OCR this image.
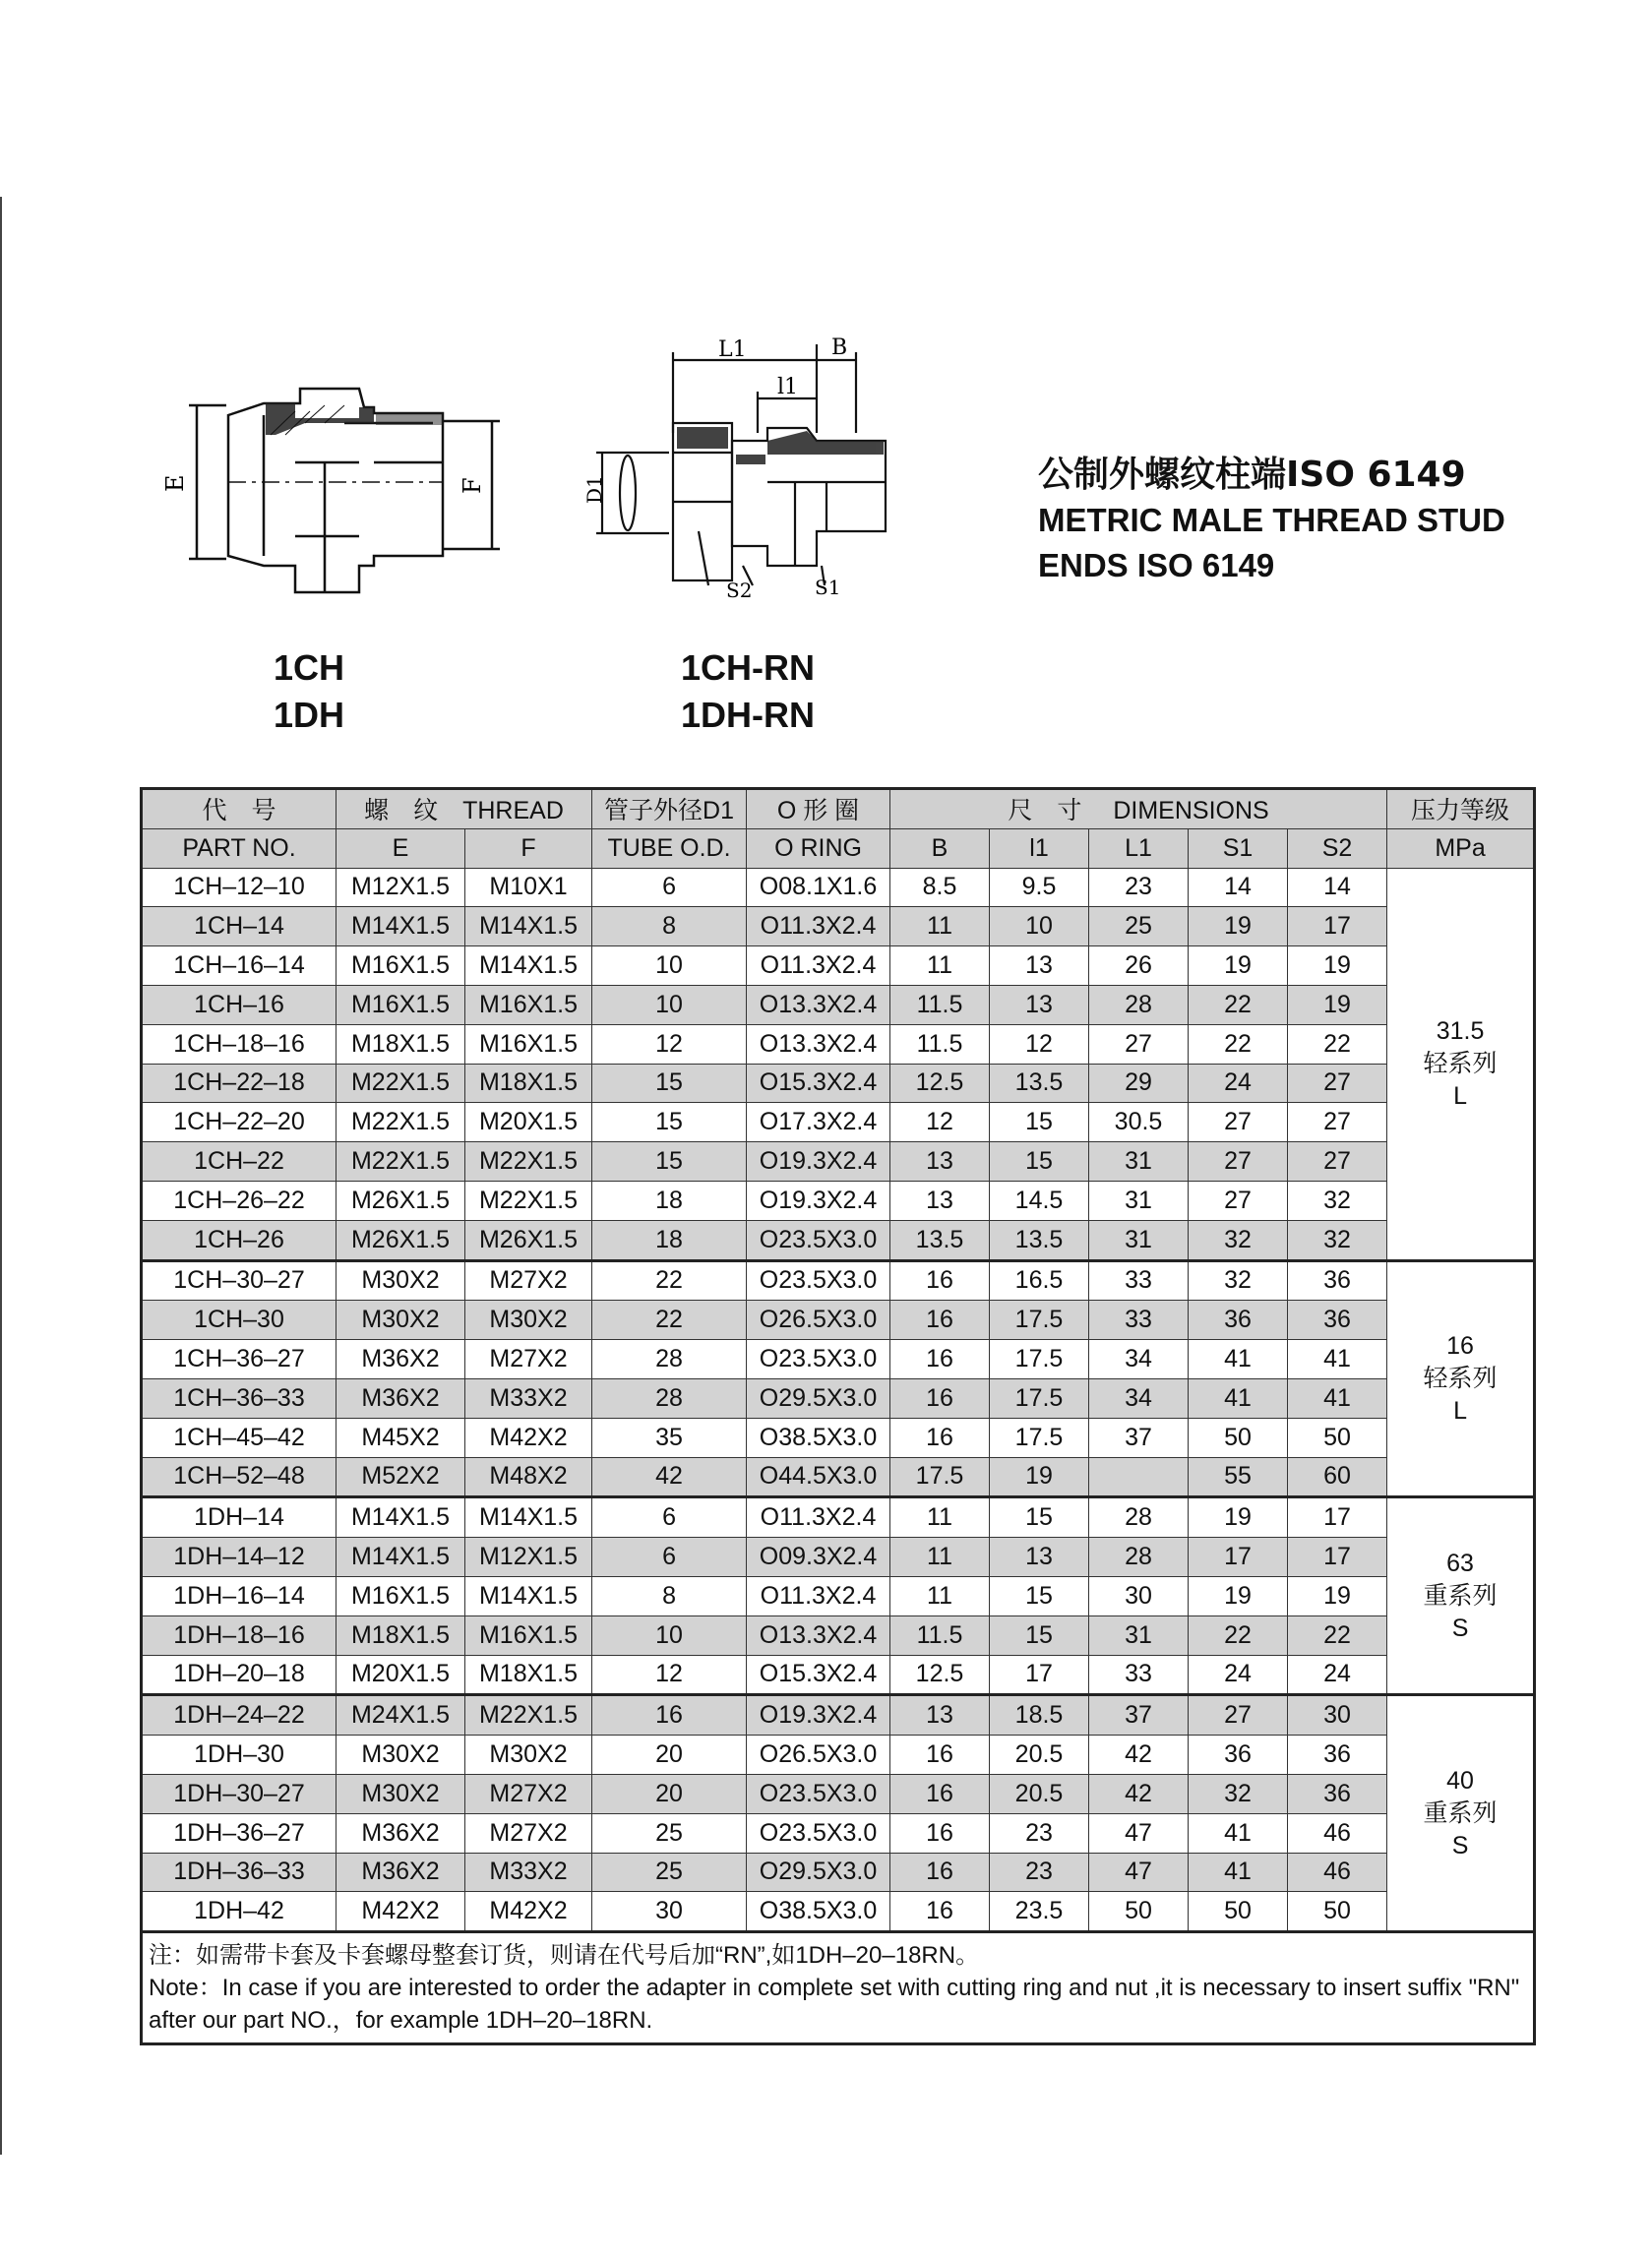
E	F
L1	B
l1
D1
S2	S1
1CH
1DH
1CH-RN
1DH-RN
公制外螺纹柱端ISO 6149
METRIC MALE THREAD STUD
ENDS ISO 6149
代　号	螺　纹　THREAD		管子外径D1	O 形 圈	尺　寸　 DIMENSIONS					压力等级
PART NO.	E	F	TUBE O.D.	O RING	B	l1	L1	S1	S2	MPa
1CH–12–10	M12X1.5	M10X1	6	O08.1X1.6	8.5	9.5	23	14	14	31.5
轻系列
L

1CH–14	M14X1.5	M14X1.5	8	O11.3X2.4	11	10	25	19	17	
1CH–16–14	M16X1.5	M14X1.5	10	O11.3X2.4	11	13	26	19	19	
1CH–16	M16X1.5	M16X1.5	10	O13.3X2.4	11.5	13	28	22	19	
1CH–18–16	M18X1.5	M16X1.5	12	O13.3X2.4	11.5	12	27	22	22	
1CH–22–18	M22X1.5	M18X1.5	15	O15.3X2.4	12.5	13.5	29	24	27	
1CH–22–20	M22X1.5	M20X1.5	15	O17.3X2.4	12	15	30.5	27	27	
1CH–22	M22X1.5	M22X1.5	15	O19.3X2.4	13	15	31	27	27	
1CH–26–22	M26X1.5	M22X1.5	18	O19.3X2.4	13	14.5	31	27	32	
1CH–26	M26X1.5	M26X1.5	18	O23.5X3.0	13.5	13.5	31	32	32	
1CH–30–27	M30X2	M27X2	22	O23.5X3.0	16	16.5	33	32	36	16
轻系列
L

1CH–30	M30X2	M30X2	22	O26.5X3.0	16	17.5	33	36	36	
1CH–36–27	M36X2	M27X2	28	O23.5X3.0	16	17.5	34	41	41	
1CH–36–33	M36X2	M33X2	28	O29.5X3.0	16	17.5	34	41	41	
1CH–45–42	M45X2	M42X2	35	O38.5X3.0	16	17.5	37	50	50	
1CH–52–48	M52X2	M48X2	42	O44.5X3.0	17.5	19		55	60	
1DH–14	M14X1.5	M14X1.5	6	O11.3X2.4	11	15	28	19	17	63
重系列
S

1DH–14–12	M14X1.5	M12X1.5	6	O09.3X2.4	11	13	28	17	17	
1DH–16–14	M16X1.5	M14X1.5	8	O11.3X2.4	11	15	30	19	19	
1DH–18–16	M18X1.5	M16X1.5	10	O13.3X2.4	11.5	15	31	22	22	
1DH–20–18	M20X1.5	M18X1.5	12	O15.3X2.4	12.5	17	33	24	24	
1DH–24–22	M24X1.5	M22X1.5	16	O19.3X2.4	13	18.5	37	27	30	40
重系列
S

1DH–30	M30X2	M30X2	20	O26.5X3.0	16	20.5	42	36	36	
1DH–30–27	M30X2	M27X2	20	O23.5X3.0	16	20.5	42	32	36	
1DH–36–27	M36X2	M27X2	25	O23.5X3.0	16	23	47	41	46	
1DH–36–33	M36X2	M33X2	25	O29.5X3.0	16	23	47	41	46	
1DH–42	M42X2	M42X2	30	O38.5X3.0	16	23.5	50	50	50	

注：如需带卡套及卡套螺母整套订货，则请在代号后加“RN”,如1DH–20–18RN。
Note：In case if you are interested to order the adapter in complete set with cutting ring and nut ,it is necessary to insert suffix "RN" after our part NO.，for example 1DH–20–18RN.										
